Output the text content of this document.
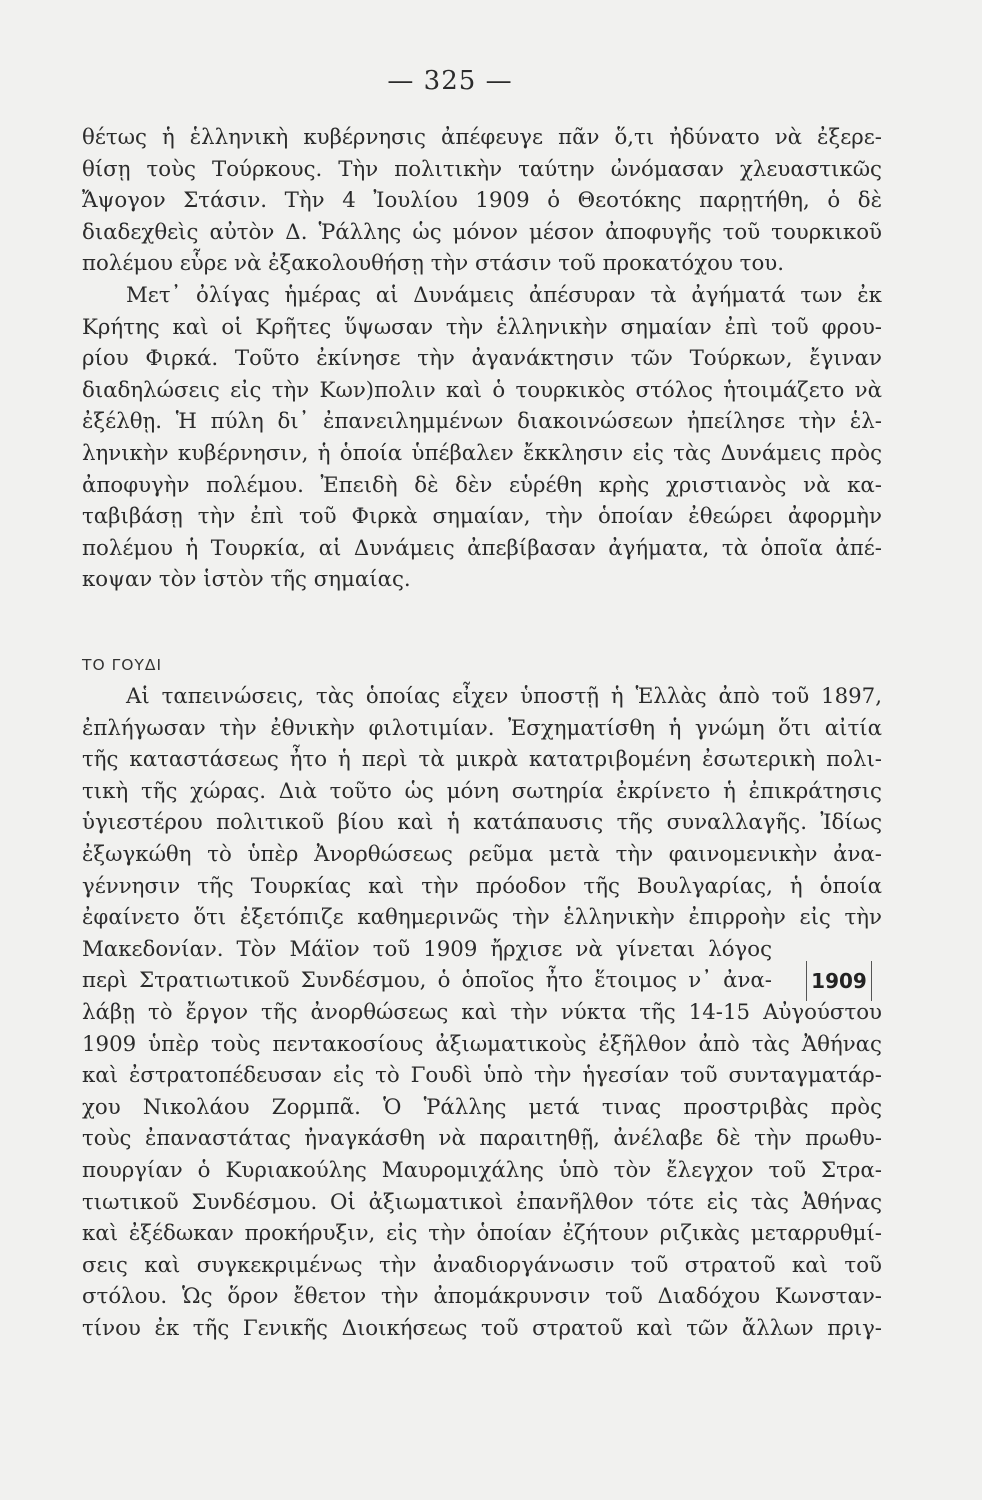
— 325 —
θέτως ἡ ἑλληνικὴ κυβέρνησις ἀπέφευγε πᾶν ὅ,τι ἠδύνατο νὰ ἐξερε-
θίσῃ τοὺς Τούρκους. Τὴν πολιτικὴν ταύτην ὠνόμασαν χλευαστικῶς
Ἄψογον Στάσιν. Τὴν 4 Ἰουλίου 1909 ὁ Θεοτόκης παρῃτήθη, ὁ δὲ
διαδεχθεὶς αὐτὸν Δ. Ῥάλλης ὡς μόνον μέσον ἀποφυγῆς τοῦ τουρκικοῦ
πολέμου εὗρε νὰ ἐξακολουθήσῃ τὴν στάσιν τοῦ προκατόχου του.
Μετ᾽ ὀλίγας ἡμέρας αἱ Δυνάμεις ἀπέσυραν τὰ ἀγήματά των ἐκ
Κρήτης καὶ οἱ Κρῆτες ὕψωσαν τὴν ἑλληνικὴν σημαίαν ἐπὶ τοῦ φρου-
ρίου Φιρκά. Τοῦτο ἐκίνησε τὴν ἀγανάκτησιν τῶν Τούρκων, ἔγιναν
διαδηλώσεις εἰς τὴν Κων)πολιν καὶ ὁ τουρκικὸς στόλος ἡτοιμάζετο νὰ
ἐξέλθῃ. Ἡ πύλη δι᾽ ἐπανειλημμένων διακοινώσεων ἠπείλησε τὴν ἑλ-
ληνικὴν κυβέρνησιν, ἡ ὁποία ὑπέβαλεν ἔκκλησιν εἰς τὰς Δυνάμεις πρὸς
ἀποφυγὴν πολέμου. Ἐπειδὴ δὲ δὲν εὑρέθη κρὴς χριστιανὸς νὰ κα-
ταβιβάσῃ τὴν ἐπὶ τοῦ Φιρκὰ σημαίαν, τὴν ὁποίαν ἐθεώρει ἀφορμὴν
πολέμου ἡ Τουρκία, αἱ Δυνάμεις ἀπεβίβασαν ἀγήματα, τὰ ὁποῖα ἀπέ-
κοψαν τὸν ἱστὸν τῆς σημαίας.
ΤΟ ΓΟΥΔΙ
Αἱ ταπεινώσεις, τὰς ὁποίας εἶχεν ὑποστῇ ἡ Ἑλλὰς ἀπὸ τοῦ 1897,
ἐπλήγωσαν τὴν ἐθνικὴν φιλοτιμίαν. Ἐσχηματίσθη ἡ γνώμη ὅτι αἰτία
τῆς καταστάσεως ἦτο ἡ περὶ τὰ μικρὰ κατατριβομένη ἐσωτερικὴ πολι-
τικὴ τῆς χώρας. Διὰ τοῦτο ὡς μόνη σωτηρία ἐκρίνετο ἡ ἐπικράτησις
ὑγιεστέρου πολιτικοῦ βίου καὶ ἡ κατάπαυσις τῆς συναλλαγῆς. Ἰδίως
ἐξωγκώθη τὸ ὑπὲρ Ἀνορθώσεως ρεῦμα μετὰ τὴν φαινομενικὴν ἀνα-
γέννησιν τῆς Τουρκίας καὶ τὴν πρόοδον τῆς Βουλγαρίας, ἡ ὁποία
ἐφαίνετο ὅτι ἐξετόπιζε καθημερινῶς τὴν ἑλληνικὴν ἐπιρροὴν εἰς τὴν
Μακεδονίαν. Τὸν Μάϊον τοῦ 1909 ἤρχισε νὰ γίνεται λόγος
περὶ Στρατιωτικοῦ Συνδέσμου, ὁ ὁποῖος ἦτο ἕτοιμος ν᾽ ἀνα-
λάβῃ τὸ ἔργον τῆς ἀνορθώσεως καὶ τὴν νύκτα τῆς 14-15 Αὐγούστου
1909 ὑπὲρ τοὺς πεντακοσίους ἀξιωματικοὺς ἐξῆλθον ἀπὸ τὰς Ἀθήνας
καὶ ἐστρατοπέδευσαν εἰς τὸ Γουδὶ ὑπὸ τὴν ἡγεσίαν τοῦ συνταγματάρ-
χου Νικολάου Ζορμπᾶ. Ὁ Ῥάλλης μετά τινας προστριβὰς πρὸς
τοὺς ἐπαναστάτας ἠναγκάσθη νὰ παραιτηθῇ, ἀνέλαβε δὲ τὴν πρωθυ-
πουργίαν ὁ Κυριακούλης Μαυρομιχάλης ὑπὸ τὸν ἔλεγχον τοῦ Στρα-
τιωτικοῦ Συνδέσμου. Οἱ ἀξιωματικοὶ ἐπανῆλθον τότε εἰς τὰς Ἀθήνας
καὶ ἐξέδωκαν προκήρυξιν, εἰς τὴν ὁποίαν ἐζήτουν ριζικὰς μεταρρυθμί-
σεις καὶ συγκεκριμένως τὴν ἀναδιοργάνωσιν τοῦ στρατοῦ καὶ τοῦ
στόλου. Ὡς ὅρον ἔθετον τὴν ἀπομάκρυνσιν τοῦ Διαδόχου Κωνσταν-
τίνου ἐκ τῆς Γενικῆς Διοικήσεως τοῦ στρατοῦ καὶ τῶν ἄλλων πριγ-
1909
